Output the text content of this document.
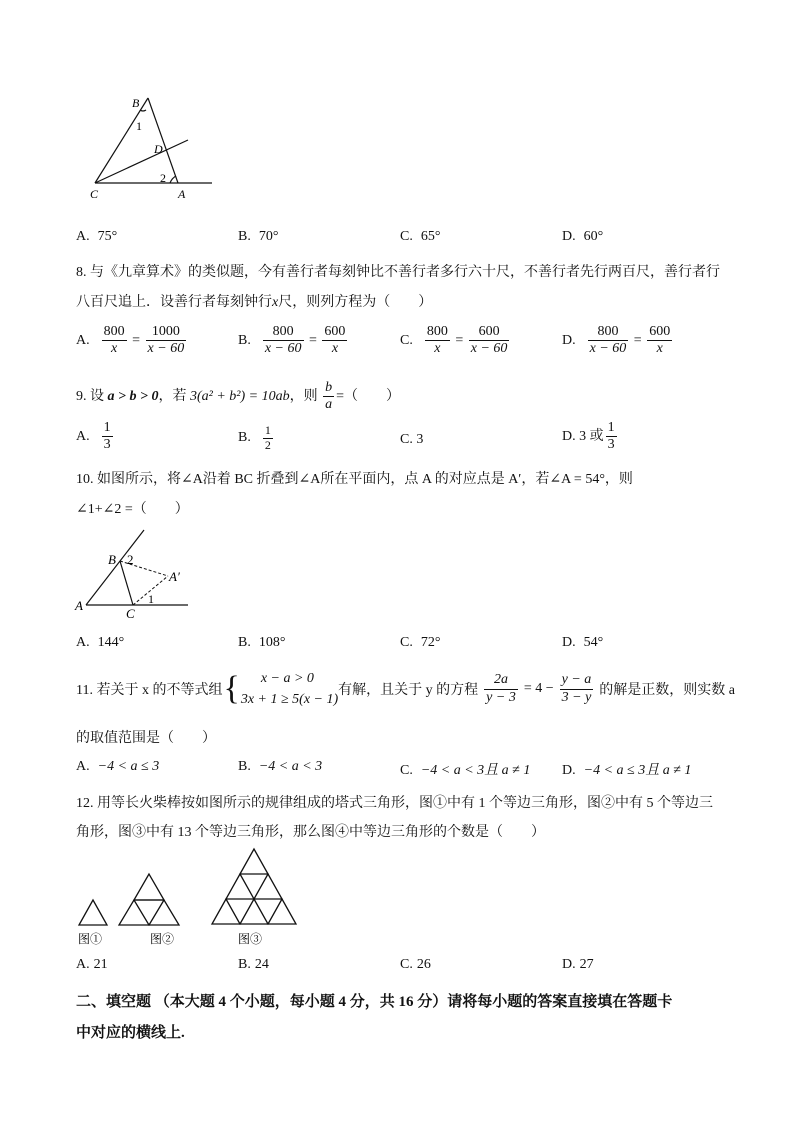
B
1
D
2
C	A
A. 75°	B. 70°	C. 65°	D. 60°
8. 与《九章算术》的类似题，今有善行者每刻钟比不善行者多行六十尺，不善行者先行两百尺，善行者行
八百尺追上．设善行者每刻钟行x尺，则列方程为（　　）
A. $\frac{800}{x} = \frac{1000}{x - 60}$	B. $\frac{800}{x - 60} = \frac{600}{x}$	C. $\frac{800}{x} = \frac{600}{x - 60}$	D. $\frac{800}{x - 60} = \frac{600}{x}$
9. 设 a > b > 0，若 3(a² + b²) = 10ab，则 $\frac{b}{a}$ =（　　）
A. $\frac{1}{3}$	B. $\frac{1}{2}$	C. 3	D. 3 或 $\frac{1}{3}$
10. 如图所示，将∠A沿着 BC 折叠到∠A所在平面内，点 A 的对应点是 A′，若∠A = 54°，则
∠1+∠2 =（　　）
B 2
A′
A	1
C
A. 144°	B. 108°	C. 72°	D. 54°
11. 若关于 x 的不等式组 {	x − a > 0
3x + 1 ≥ 5(x − 1)
有解，且关于 y 的方程 $\frac{2a}{y - 3} = 4 - \frac{y - a}{3 - y}$ 的解是正数，则实数 a
的取值范围是（　　）
A. −4 < a ≤ 3	B. −4 < a < 3	C. −4 < a < 3且 a ≠ 1 D. −4 < a ≤ 3且 a ≠ 1
12. 用等长火柴棒按如图所示的规律组成的塔式三角形，图①中有 1 个等边三角形，图②中有 5 个等边三
角形，图③中有 13 个等边三角形，那么图④中等边三角形的个数是（　　）
图①	图②	图③
A. 21	B. 24	C. 26	D. 27
二、填空题 （本大题 4 个小题，每小题 4 分，共 16 分）请将每小题的答案直接填在答题卡
中对应的横线上.
